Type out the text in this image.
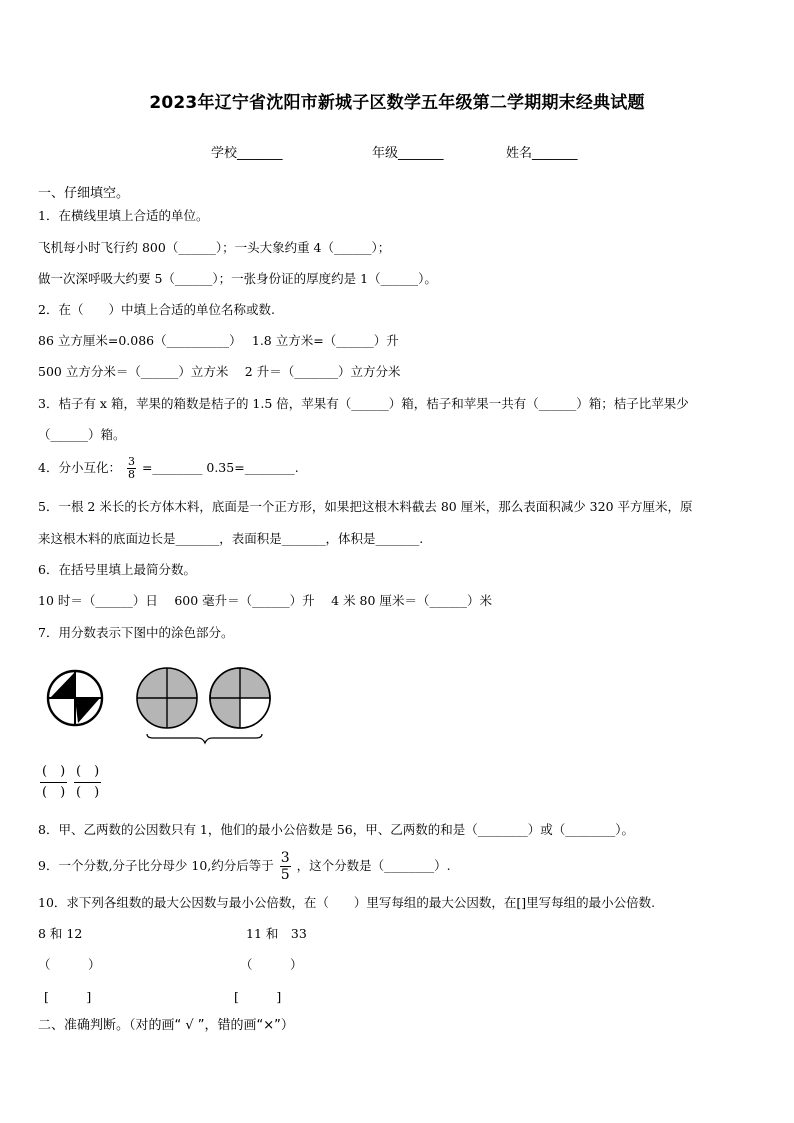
2023年辽宁省沈阳市新城子区数学五年级第二学期期末经典试题
学校_______	年级_______	姓名_______
一、仔细填空。
1．在横线里填上合适的单位。
飞机每小时飞行约 800（______）；一头大象约重 4（______）；
做一次深呼吸大约要 5（______）；一张身份证的厚度约是 1（______）。
2．在（　　）中填上合适的单位名称或数.
86 立方厘米=0.086（__________）　 1.8 立方米=（______）升
500 立方分米＝（______）立方米　 2 升＝（_______）立方分米
3．桔子有 x 箱，苹果的箱数是桔子的 1.5 倍，苹果有（______）箱，桔子和苹果一共有（______）箱；桔子比苹果少
（______）箱。
4．分小互化： $\frac{3}{8}$ =________ 0.35=________.
5．一根 2 米长的长方体木料，底面是一个正方形，如果把这根木料截去 80 厘米，那么表面积减少 320 平方厘米，原
来这根木料的底面边长是_______，表面积是_______，体积是_______.
6．在括号里填上最简分数。
10 时＝（______）日　 600 毫升＝（______）升　 4 米 80 厘米＝（______）米
7．用分数表示下图中的涂色部分。
(　)
(　)
(　)
(　)
8．甲、乙两数的公因数只有 1，他们的最小公倍数是 56，甲、乙两数的和是（________）或（________）。
9．一个分数,分子比分母少 10,约分后等于 $\frac{3}{5}$ ，这个分数是（________）.
10．求下列各组数的最大公因数与最小公倍数，在（　　）里写每组的最大公因数，在[]里写每组的最小公倍数.
8 和 12	11 和　33
（　　　）	（　　　）
[　　　]	[　　　]
二、准确判断。（对的画“ √ ”，错的画“×”）
